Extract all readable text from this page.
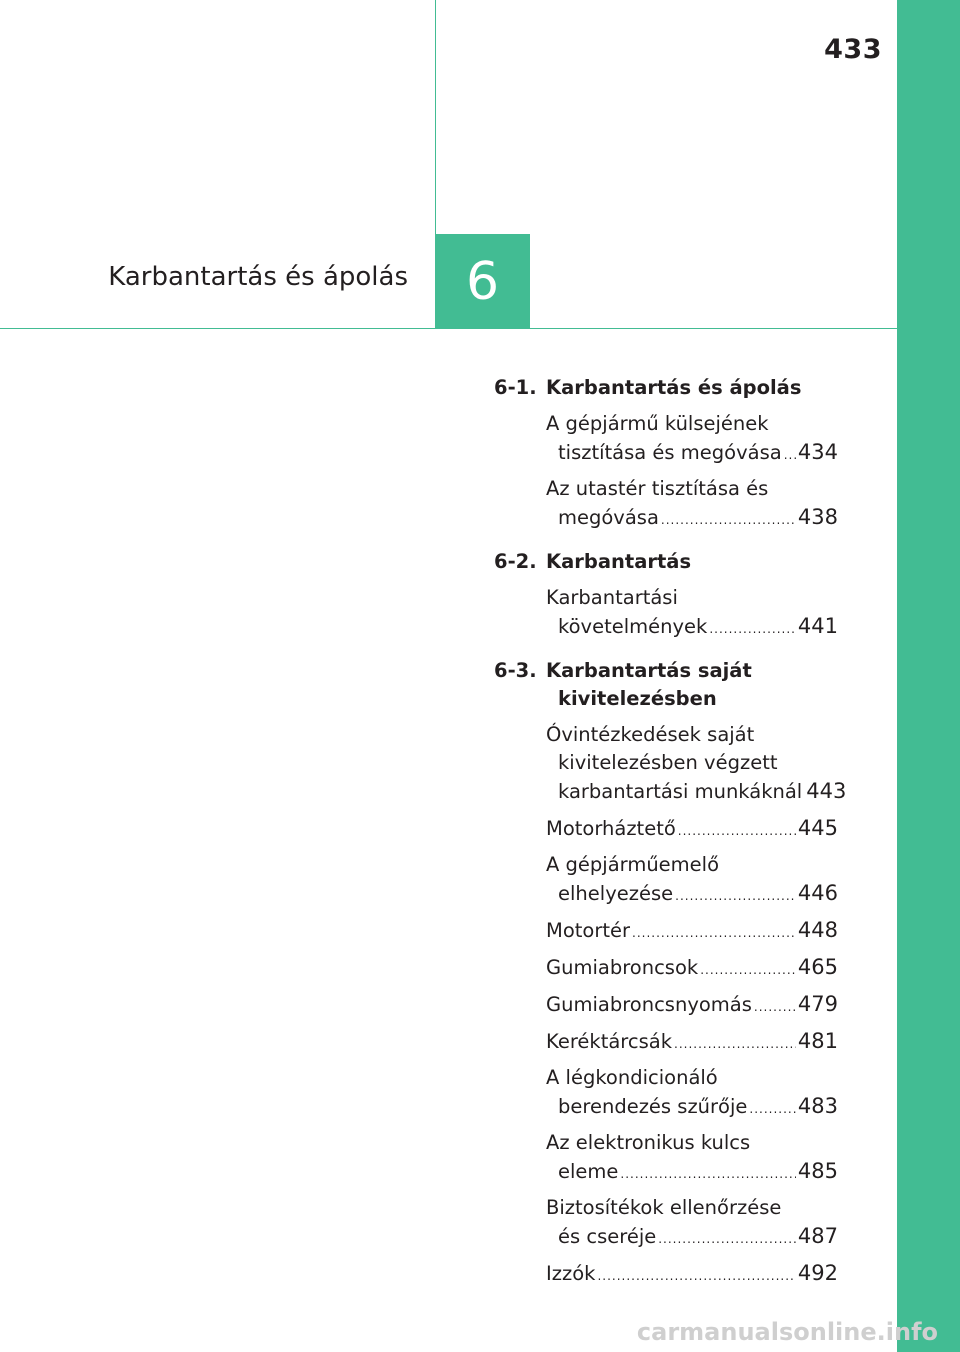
433
Karbantartás és ápolás	6
6-1. Karbantartás és ápolás
A gépjármű külsejének
tisztítása és megóvása ..... 434
Az utastér tisztítása és
megóvása .....	438
6-2. Karbantartás
Karbantartási
követelmények .....	441
6-3. Karbantartás saját kivitelezésben
Óvintézkedések saját
kivitelezésben végzett
karbantartási munkáknál 443
Motorháztető .....	445
A gépjárműemelő
elhelyezése .....	446
Motortér .....	448
Gumiabroncsok .....	465
Gumiabroncsnyomás ..... 479
Keréktárcsák .....	481
A légkondicionáló
berendezés szűrője ..... 483
Az elektronikus kulcs
eleme .....	485
Biztosítékok ellenőrzése
és cseréje .....	487
Izzók .....	492
carmanualsonline.info
